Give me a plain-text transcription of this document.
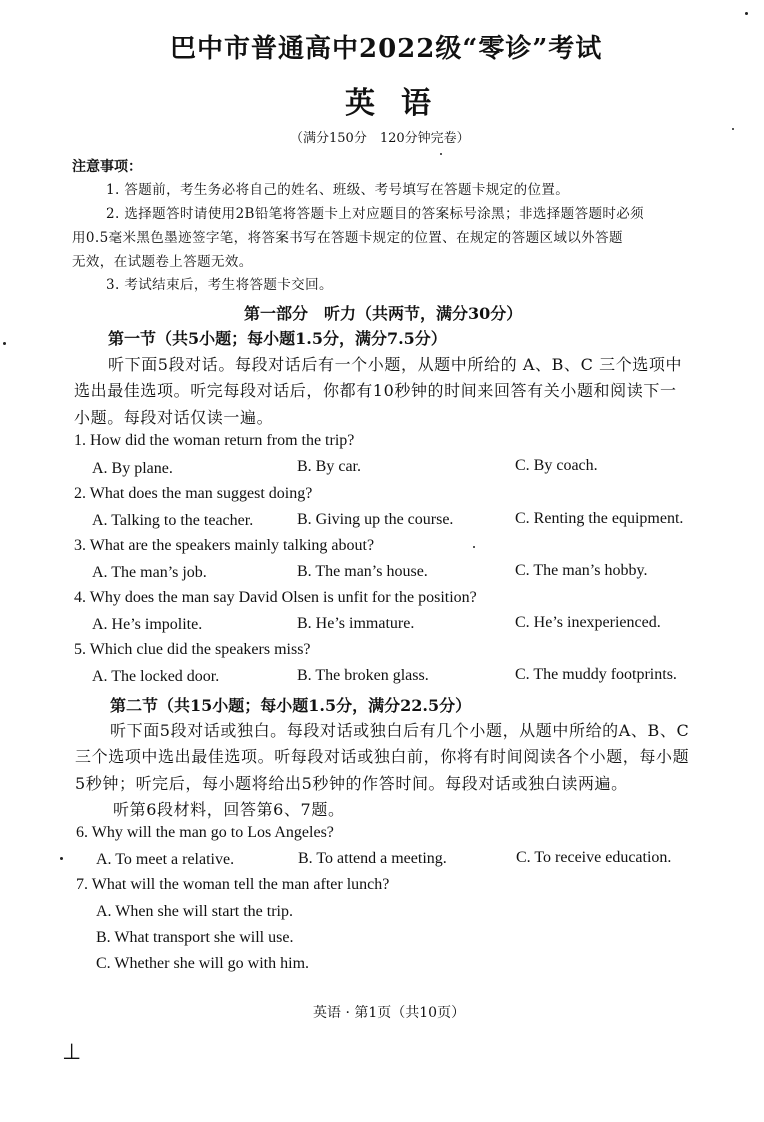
巴中市普通高中2022级“零诊”考试
英语
（满分150分　120分钟完卷）
注意事项：
1. 答题前，考生务必将自己的姓名、班级、考号填写在答题卡规定的位置。
2. 选择题答时请使用2B铅笔将答题卡上对应题目的答案标号涂黑；非选择题答题时必须
用0.5毫米黑色墨迹签字笔，将答案书写在答题卡规定的位置、在规定的答题区域以外答题
无效，在试题卷上答题无效。
3. 考试结束后，考生将答题卡交回。
第一部分　听力（共两节，满分30分）
第一节（共5小题；每小题1.5分，满分7.5分）
听下面5段对话。每段对话后有一个小题，从题中所给的 A、B、C 三个选项中
选出最佳选项。听完每段对话后，你都有10秒钟的时间来回答有关小题和阅读下一
小题。每段对话仅读一遍。
1. How did the woman return from the trip?
A. By plane.	B. By car.	C. By coach.
2. What does the man suggest doing?
A. Talking to the teacher.	B. Giving up the course.	C. Renting the equipment.
3. What are the speakers mainly talking about?
A. The man’s job.	B. The man’s house.	C. The man’s hobby.
4. Why does the man say David Olsen is unfit for the position?
A. He’s impolite.	B. He’s immature.	C. He’s inexperienced.
5. Which clue did the speakers miss?
A. The locked door.	B. The broken glass.	C. The muddy footprints.
第二节（共15小题；每小题1.5分，满分22.5分）
听下面5段对话或独白。每段对话或独白后有几个小题，从题中所给的A、B、C
三个选项中选出最佳选项。听每段对话或独白前，你将有时间阅读各个小题，每小题
5秒钟；听完后，每小题将给出5秒钟的作答时间。每段对话或独白读两遍。
听第6段材料，回答第6、7题。
6. Why will the man go to Los Angeles?
A. To meet a relative.	B. To attend a meeting.	C. To receive education.
7. What will the woman tell the man after lunch?
A. When she will start the trip.
B. What transport she will use.
C. Whether she will go with him.
英语 · 第1页（共10页）
⊥
